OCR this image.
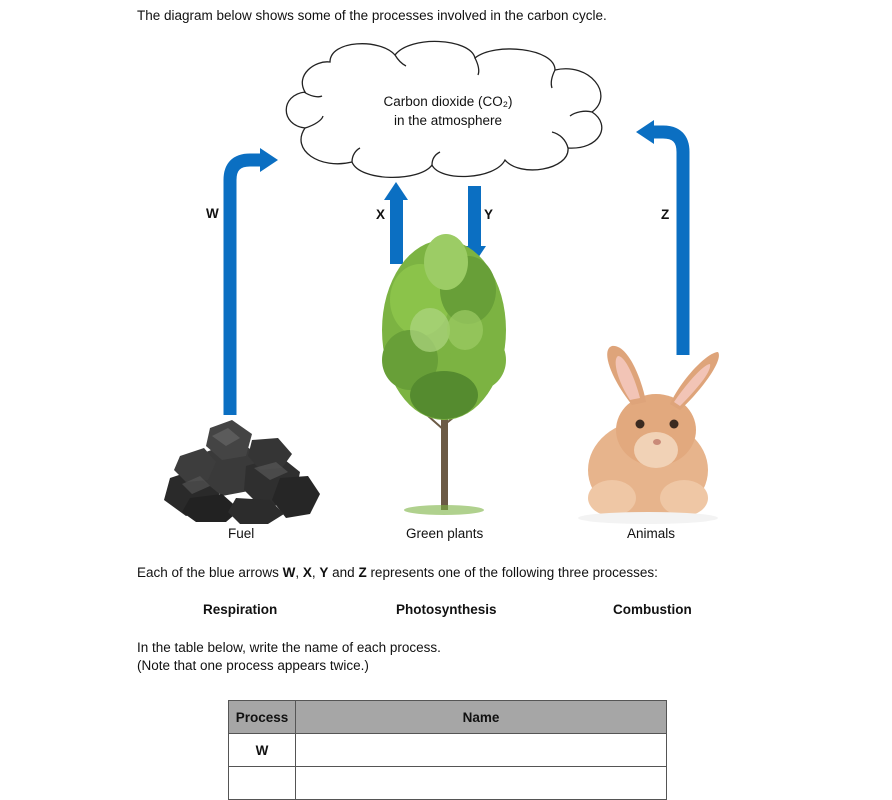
The diagram below shows some of the processes involved in the carbon cycle.
Carbon dioxide (CO₂)
in the atmosphere
W	X	Y	Z
Fuel	Green plants	Animals
Each of the blue arrows W, X, Y and Z represents one of the following three processes:
Respiration	Photosynthesis	Combustion
In the table below, write the name of each process.
(Note that one process appears twice.)
Process	Name
W	
